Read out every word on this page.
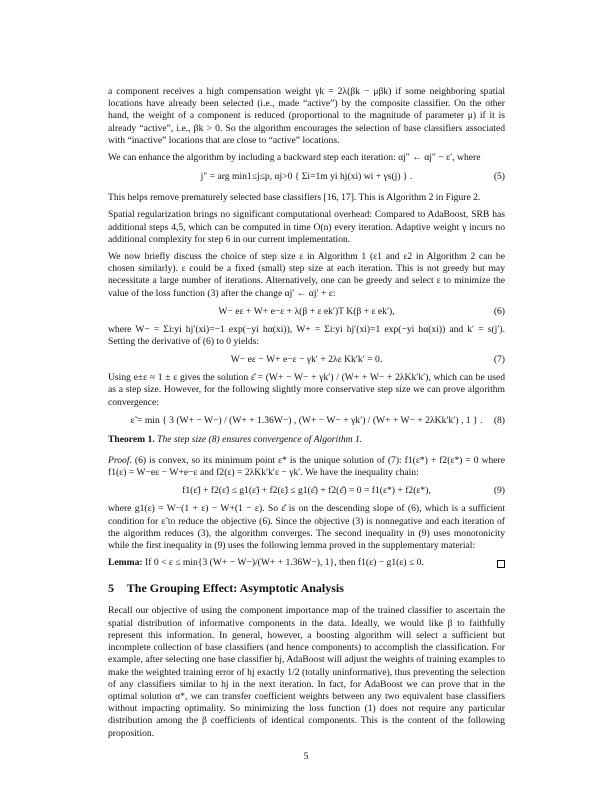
a component receives a high compensation weight γk = 2λ(βk − μβk) if some neighboring spatial locations have already been selected (i.e., made “active”) by the composite classifier. On the other hand, the weight of a component is reduced (proportional to the magnitude of parameter μ) if it is already “active”, i.e., βk > 0. So the algorithm encourages the selection of base classifiers associated with “inactive” locations that are close to “active” locations.

We can enhance the algorithm by including a backward step each iteration: αj″ ← αj″ − ε′, where

j″ = arg min1≤j≤p, αj>0 { Σi=1m yi hj(xi) wi + γs(j) } .	(5)

This helps remove prematurely selected base classifiers [16, 17]. This is Algorithm 2 in Figure 2.

Spatial regularization brings no significant computational overhead: Compared to AdaBoost, SRB has additional steps 4,5, which can be computed in time O(n) every iteration. Adaptive weight γ incurs no additional complexity for step 6 in our current implementation.

We now briefly discuss the choice of step size ε in Algorithm 1 (ε1 and ε2 in Algorithm 2 can be chosen similarly). ε could be a fixed (small) step size at each iteration. This is not greedy but may necessitate a large number of iterations. Alternatively, one can be greedy and select ε to minimize the value of the loss function (3) after the change αj′ ← αj′ + ε:

W− eε + W+ e−ε + λ(β + ε ek′)T K(β + ε ek′),	(6)

where W− = Σi:yi hj′(xi)=−1 exp(−yi hα(xi)), W+ = Σi:yi hj′(xi)=1 exp(−yi hα(xi)) and k′ = s(j′). Setting the derivative of (6) to 0 yields:

W− eε − W+ e−ε − γk′ + 2λε Kk′k′ = 0.	(7)

Using e±ε ≈ 1 ± ε gives the solution ε̂ = (W+ − W− + γk′) / (W+ + W− + 2λKk′k′), which can be used as a step size. However, for the following slightly more conservative step size we can prove algorithm convergence:

ε̃ = min { 3 (W+ − W−) / (W+ + 1.36W−) , (W+ − W− + γk′) / (W+ + W− + 2λKk′k′) , 1 } . (8)

Theorem 1. The step size (8) ensures convergence of Algorithm 1.

Proof. (6) is convex, so its minimum point ε* is the unique solution of (7): f1(ε*) + f2(ε*) = 0 where f1(ε) = W−eε − W+e−ε and f2(ε) = 2λKk′k′ε − γk′. We have the inequality chain:

f1(ε̃) + f2(ε̃) ≤ g1(ε̃) + f2(ε̃) ≤ g1(ε̂) + f2(ε̂) = 0 = f1(ε*) + f2(ε*),	(9)

where g1(ε) = W−(1 + ε) − W+(1 − ε). So ε̂ is on the descending slope of (6), which is a sufficient condition for ε̃ to reduce the objective (6). Since the objective (3) is nonnegative and each iteration of the algorithm reduces (3), the algorithm converges. The second inequality in (9) uses monotonicity while the first inequality in (9) uses the following lemma proved in the supplementary material:

Lemma: If 0 < ε ≤ min{3 (W+ − W−)/(W+ + 1.36W−), 1}, then f1(ε) − g1(ε) ≤ 0.

5 The Grouping Effect: Asymptotic Analysis

Recall our objective of using the component importance map of the trained classifier to ascertain the spatial distribution of informative components in the data. Ideally, we would like β to faithfully represent this information. In general, however, a boosting algorithm will select a sufficient but incomplete collection of base classifiers (and hence components) to accomplish the classification. For example, after selecting one base classifier hj, AdaBoost will adjust the weights of training examples to make the weighted training error of hj exactly 1/2 (totally uninformative), thus preventing the selection of any classifiers similar to hj in the next iteration. In fact, for AdaBoost we can prove that in the optimal solution α*, we can transfer coefficient weights between any two equivalent base classifiers without impacting optimality. So minimizing the loss function (1) does not require any particular distribution among the β coefficients of identical components. This is the content of the following proposition.

5
